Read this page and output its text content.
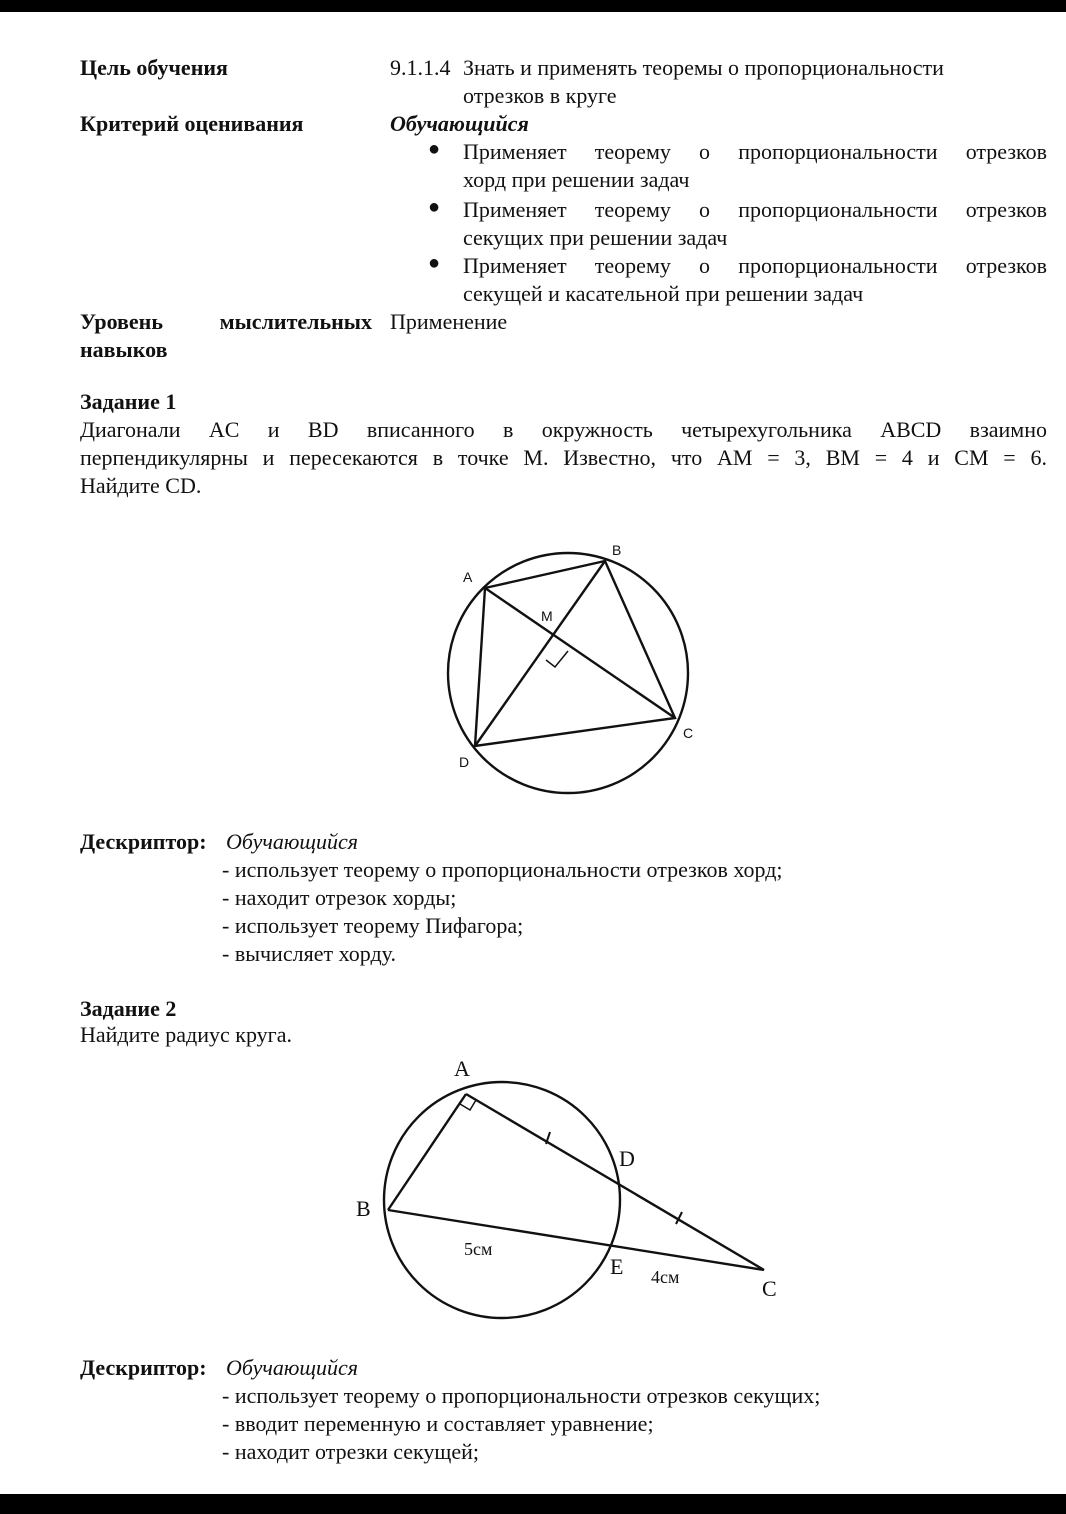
Цель обучения	9.1.1.4 Знать и применять теоремы о пропорциональности
отрезков в круге
Критерий оценивания	Обучающийся
● Применяет теорему о пропорциональности отрезков
хорд при решении задач
● Применяет теорему о пропорциональности отрезков
секущих при решении задач
● Применяет теорему о пропорциональности отрезков
секущей и касательной при решении задач
Уровень мыслительных
навыков
Применение
Задание 1
Диагонали AC и BD вписанного в окружность четырехугольника ABCD взаимно
перпендикулярны и пересекаются в точке M. Известно, что AM = 3, BM = 4 и CM = 6.
Найдите CD.
A
B
C
D
M
A
B
C
D
E
5см
4см
Дескриптор: Обучающийся
- использует теорему о пропорциональности отрезков хорд;
- находит отрезок хорды;
- использует теорему Пифагора;
- вычисляет хорду.
Задание 2
Найдите радиус круга.
Дескриптор: Обучающийся
- использует теорему о пропорциональности отрезков секущих;
- вводит переменную и составляет уравнение;
- находит отрезки секущей;
